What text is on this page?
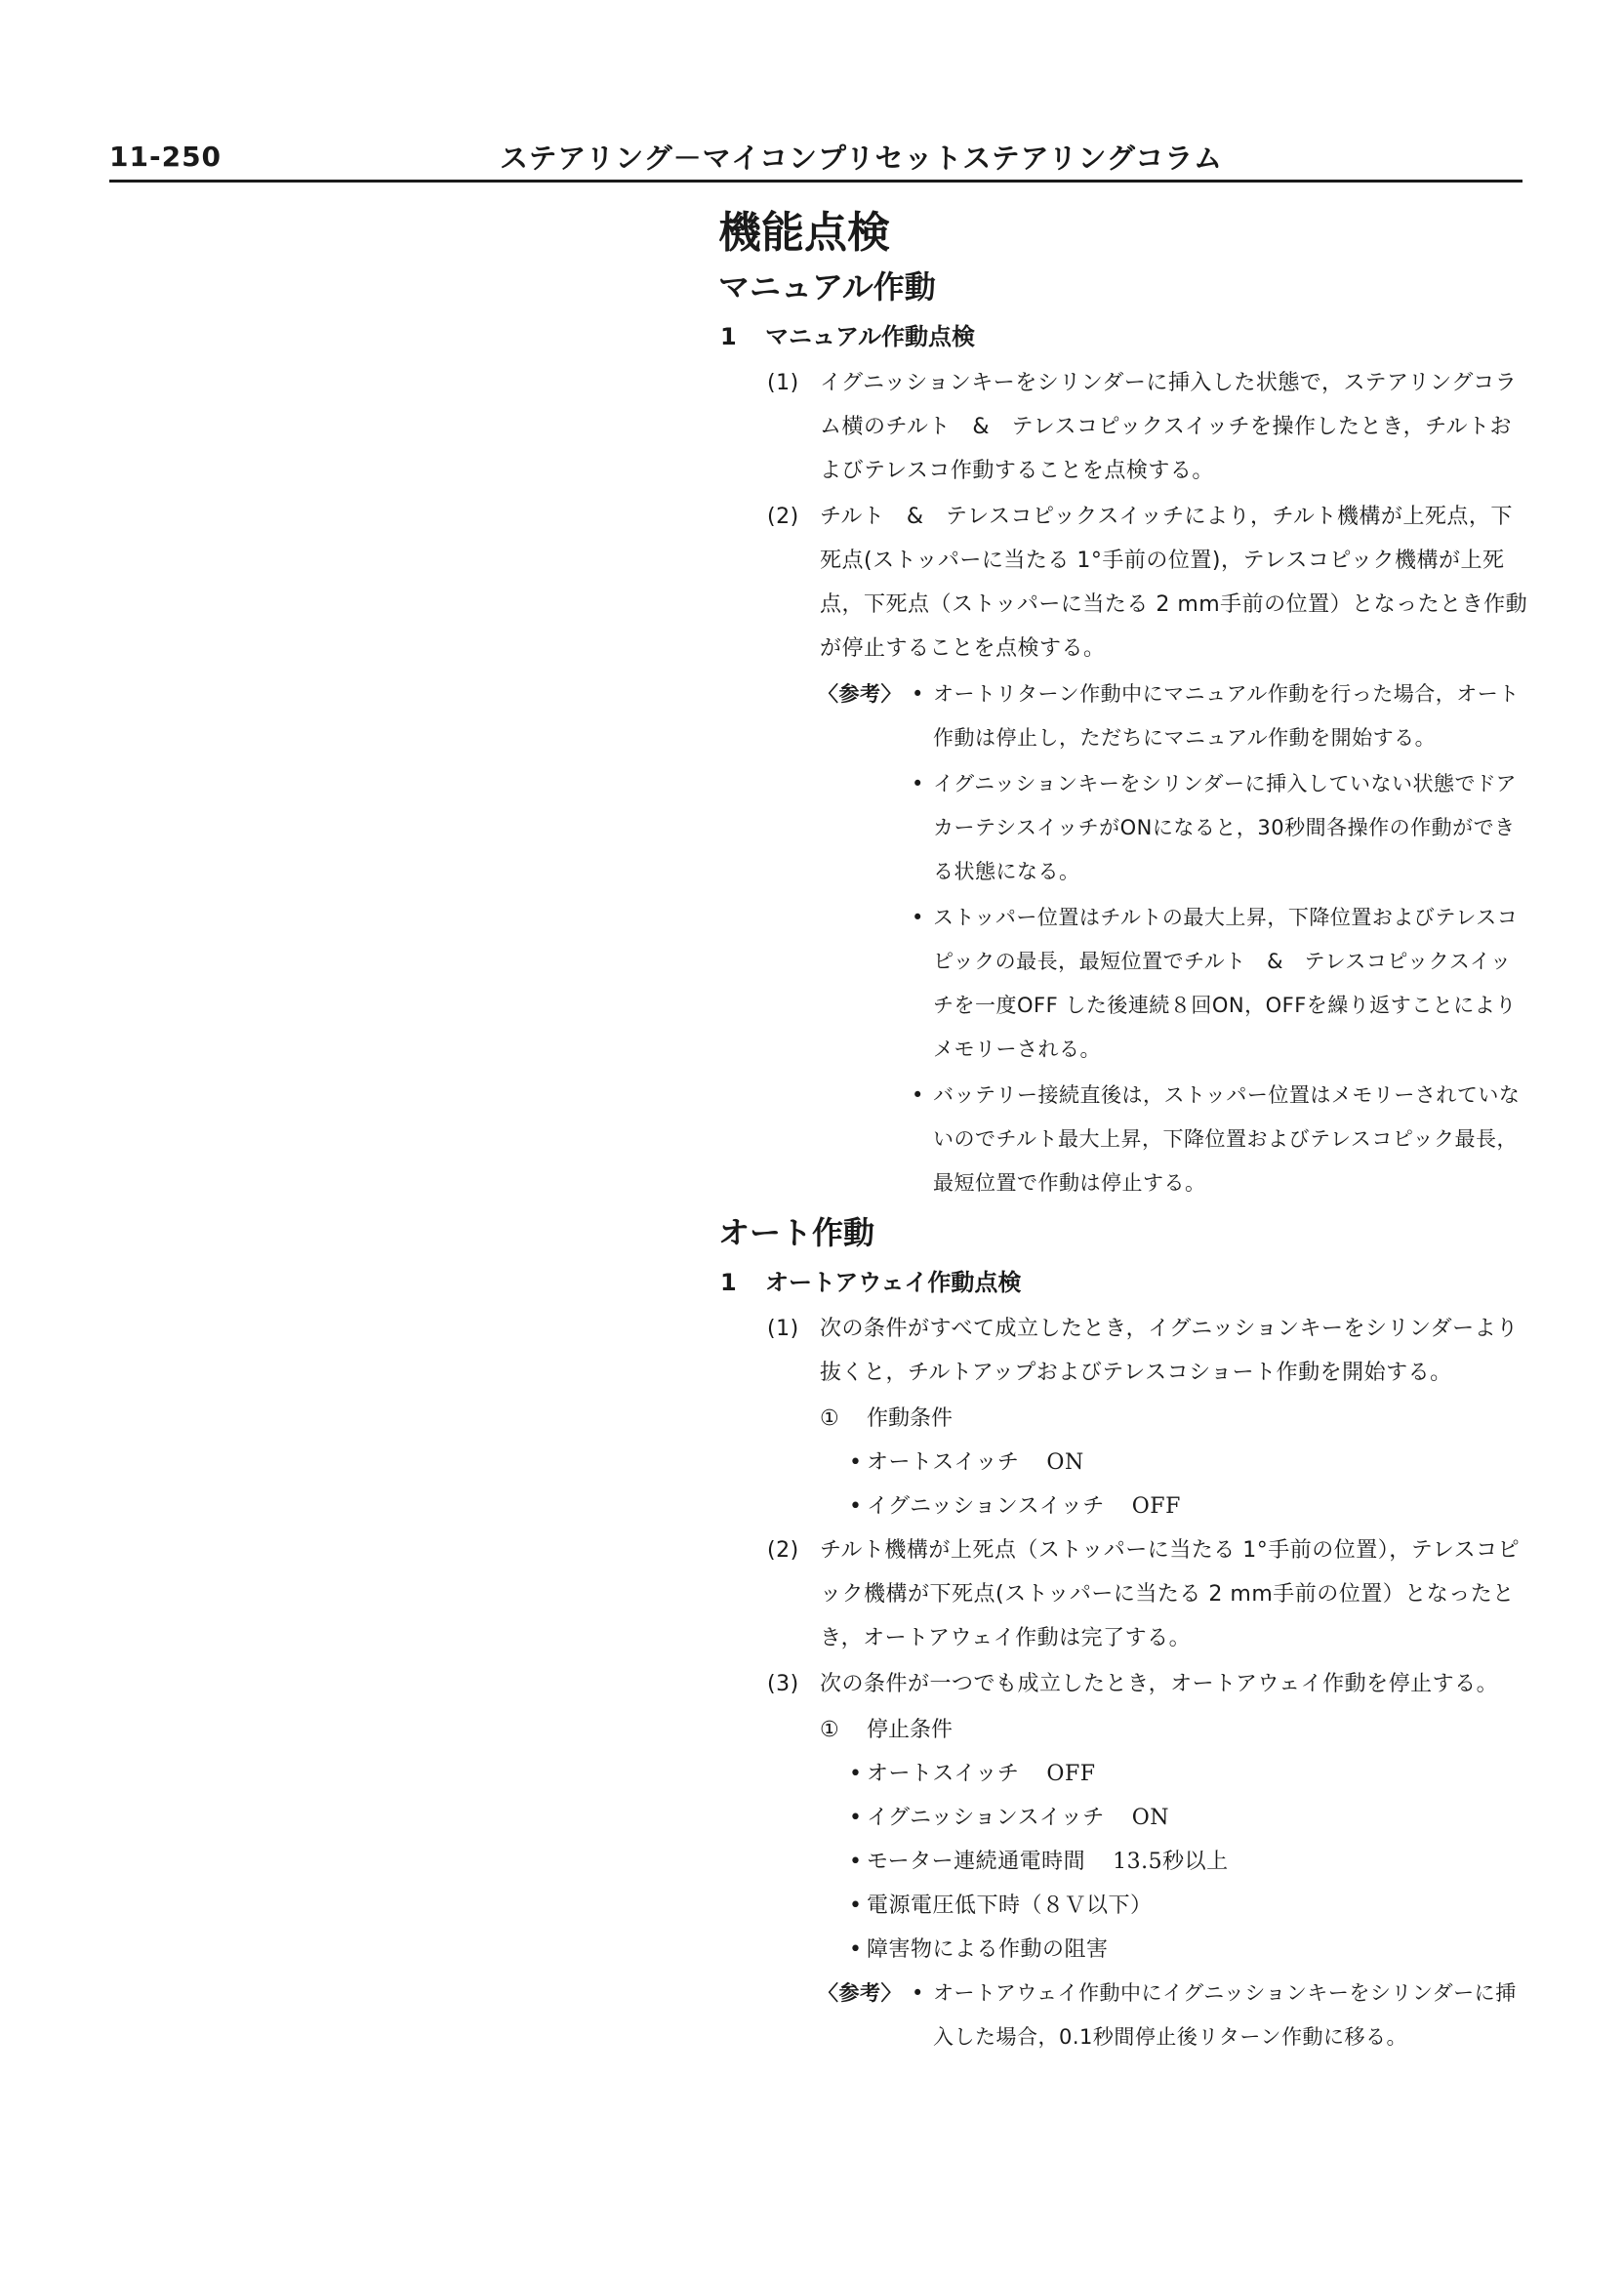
11-250	ステアリング－マイコンプリセットステアリングコラム
機能点検
マニュアル作動
1 マニュアル作動点検
(1) イグニッションキーをシリンダーに挿入した状態で，ステアリングコラム横のチルト　&　テレスコピックスイッチを操作したとき，チルトおよびテレスコ作動することを点検する。
(2) チルト　&　テレスコピックスイッチにより，チルト機構が上死点，下死点(ストッパーに当たる 1°手前の位置)，テレスコピック機構が上死点，下死点（ストッパーに当たる 2 mm手前の位置）となったとき作動が停止することを点検する。
〈参考〉 • オートリターン作動中にマニュアル作動を行った場合，オート作動は停止し，ただちにマニュアル作動を開始する。
• イグニッションキーをシリンダーに挿入していない状態でドアカーテシスイッチがONになると，30秒間各操作の作動ができる状態になる。
• ストッパー位置はチルトの最大上昇，下降位置およびテレスコピックの最長，最短位置でチルト　&　テレスコピックスイッチを一度OFF した後連続８回ON，OFFを繰り返すことによりメモリーされる。
• バッテリー接続直後は，ストッパー位置はメモリーされていないのでチルト最大上昇，下降位置およびテレスコピック最長，最短位置で作動は停止する。
オート作動
1 オートアウェイ作動点検
(1) 次の条件がすべて成立したとき，イグニッションキーをシリンダーより抜くと，チルトアップおよびテレスコショート作動を開始する。
① 作動条件
• オートスイッチ ON
• イグニッションスイッチ OFF
(2) チルト機構が上死点（ストッパーに当たる 1°手前の位置），テレスコピック機構が下死点(ストッパーに当たる 2 mm手前の位置）となったとき，オートアウェイ作動は完了する。
(3) 次の条件が一つでも成立したとき，オートアウェイ作動を停止する。
① 停止条件
• オートスイッチ OFF
• イグニッションスイッチ ON
• モーター連続通電時間 13.5秒以上
• 電源電圧低下時（８Ｖ以下）
• 障害物による作動の阻害
〈参考〉 • オートアウェイ作動中にイグニッションキーをシリンダーに挿入した場合，0.1秒間停止後リターン作動に移る。
